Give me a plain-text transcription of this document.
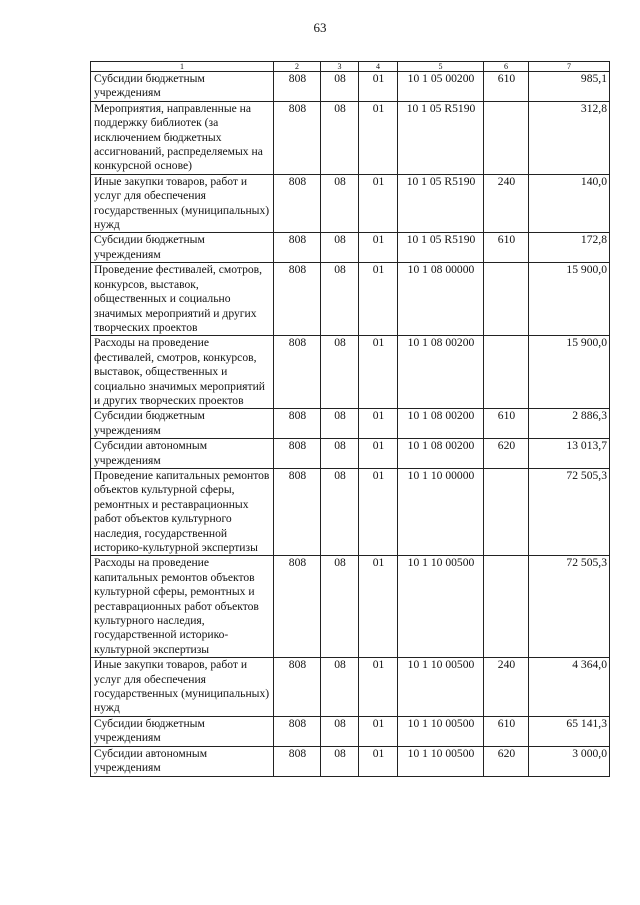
63
1	2	3	4	5	6	7
Субсидии бюджетным учреждениям	808	08	01	10 1 05 00200	610	985,1
Мероприятия, направленные на поддержку библиотек (за исключением бюджетных ассигнований, распределяемых на конкурсной основе)	808	08	01	10 1 05 R5190		312,8
Иные закупки товаров, работ и услуг для обеспечения государственных (муниципальных) нужд	808	08	01	10 1 05 R5190	240	140,0
Субсидии бюджетным учреждениям	808	08	01	10 1 05 R5190	610	172,8
Проведение фестивалей, смотров, конкурсов, выставок, общественных и социально значимых мероприятий и других творческих проектов	808	08	01	10 1 08 00000		15 900,0
Расходы на проведение фестивалей, смотров, конкурсов, выставок, общественных и социально значимых мероприятий и других творческих проектов	808	08	01	10 1 08 00200		15 900,0
Субсидии бюджетным учреждениям	808	08	01	10 1 08 00200	610	2 886,3
Субсидии автономным учреждениям	808	08	01	10 1 08 00200	620	13 013,7
Проведение капитальных ремонтов объектов культурной сферы, ремонтных и реставрационных работ объектов культурного наследия, государственной историко-культурной экспертизы	808	08	01	10 1 10 00000		72 505,3
Расходы на проведение капитальных ремонтов объектов культурной сферы, ремонтных и реставрационных работ объектов культурного наследия, государственной историко-культурной экспертизы	808	08	01	10 1 10 00500		72 505,3
Иные закупки товаров, работ и услуг для обеспечения государственных (муниципальных) нужд	808	08	01	10 1 10 00500	240	4 364,0
Субсидии бюджетным учреждениям	808	08	01	10 1 10 00500	610	65 141,3
Субсидии автономным учреждениям	808	08	01	10 1 10 00500	620	3 000,0
